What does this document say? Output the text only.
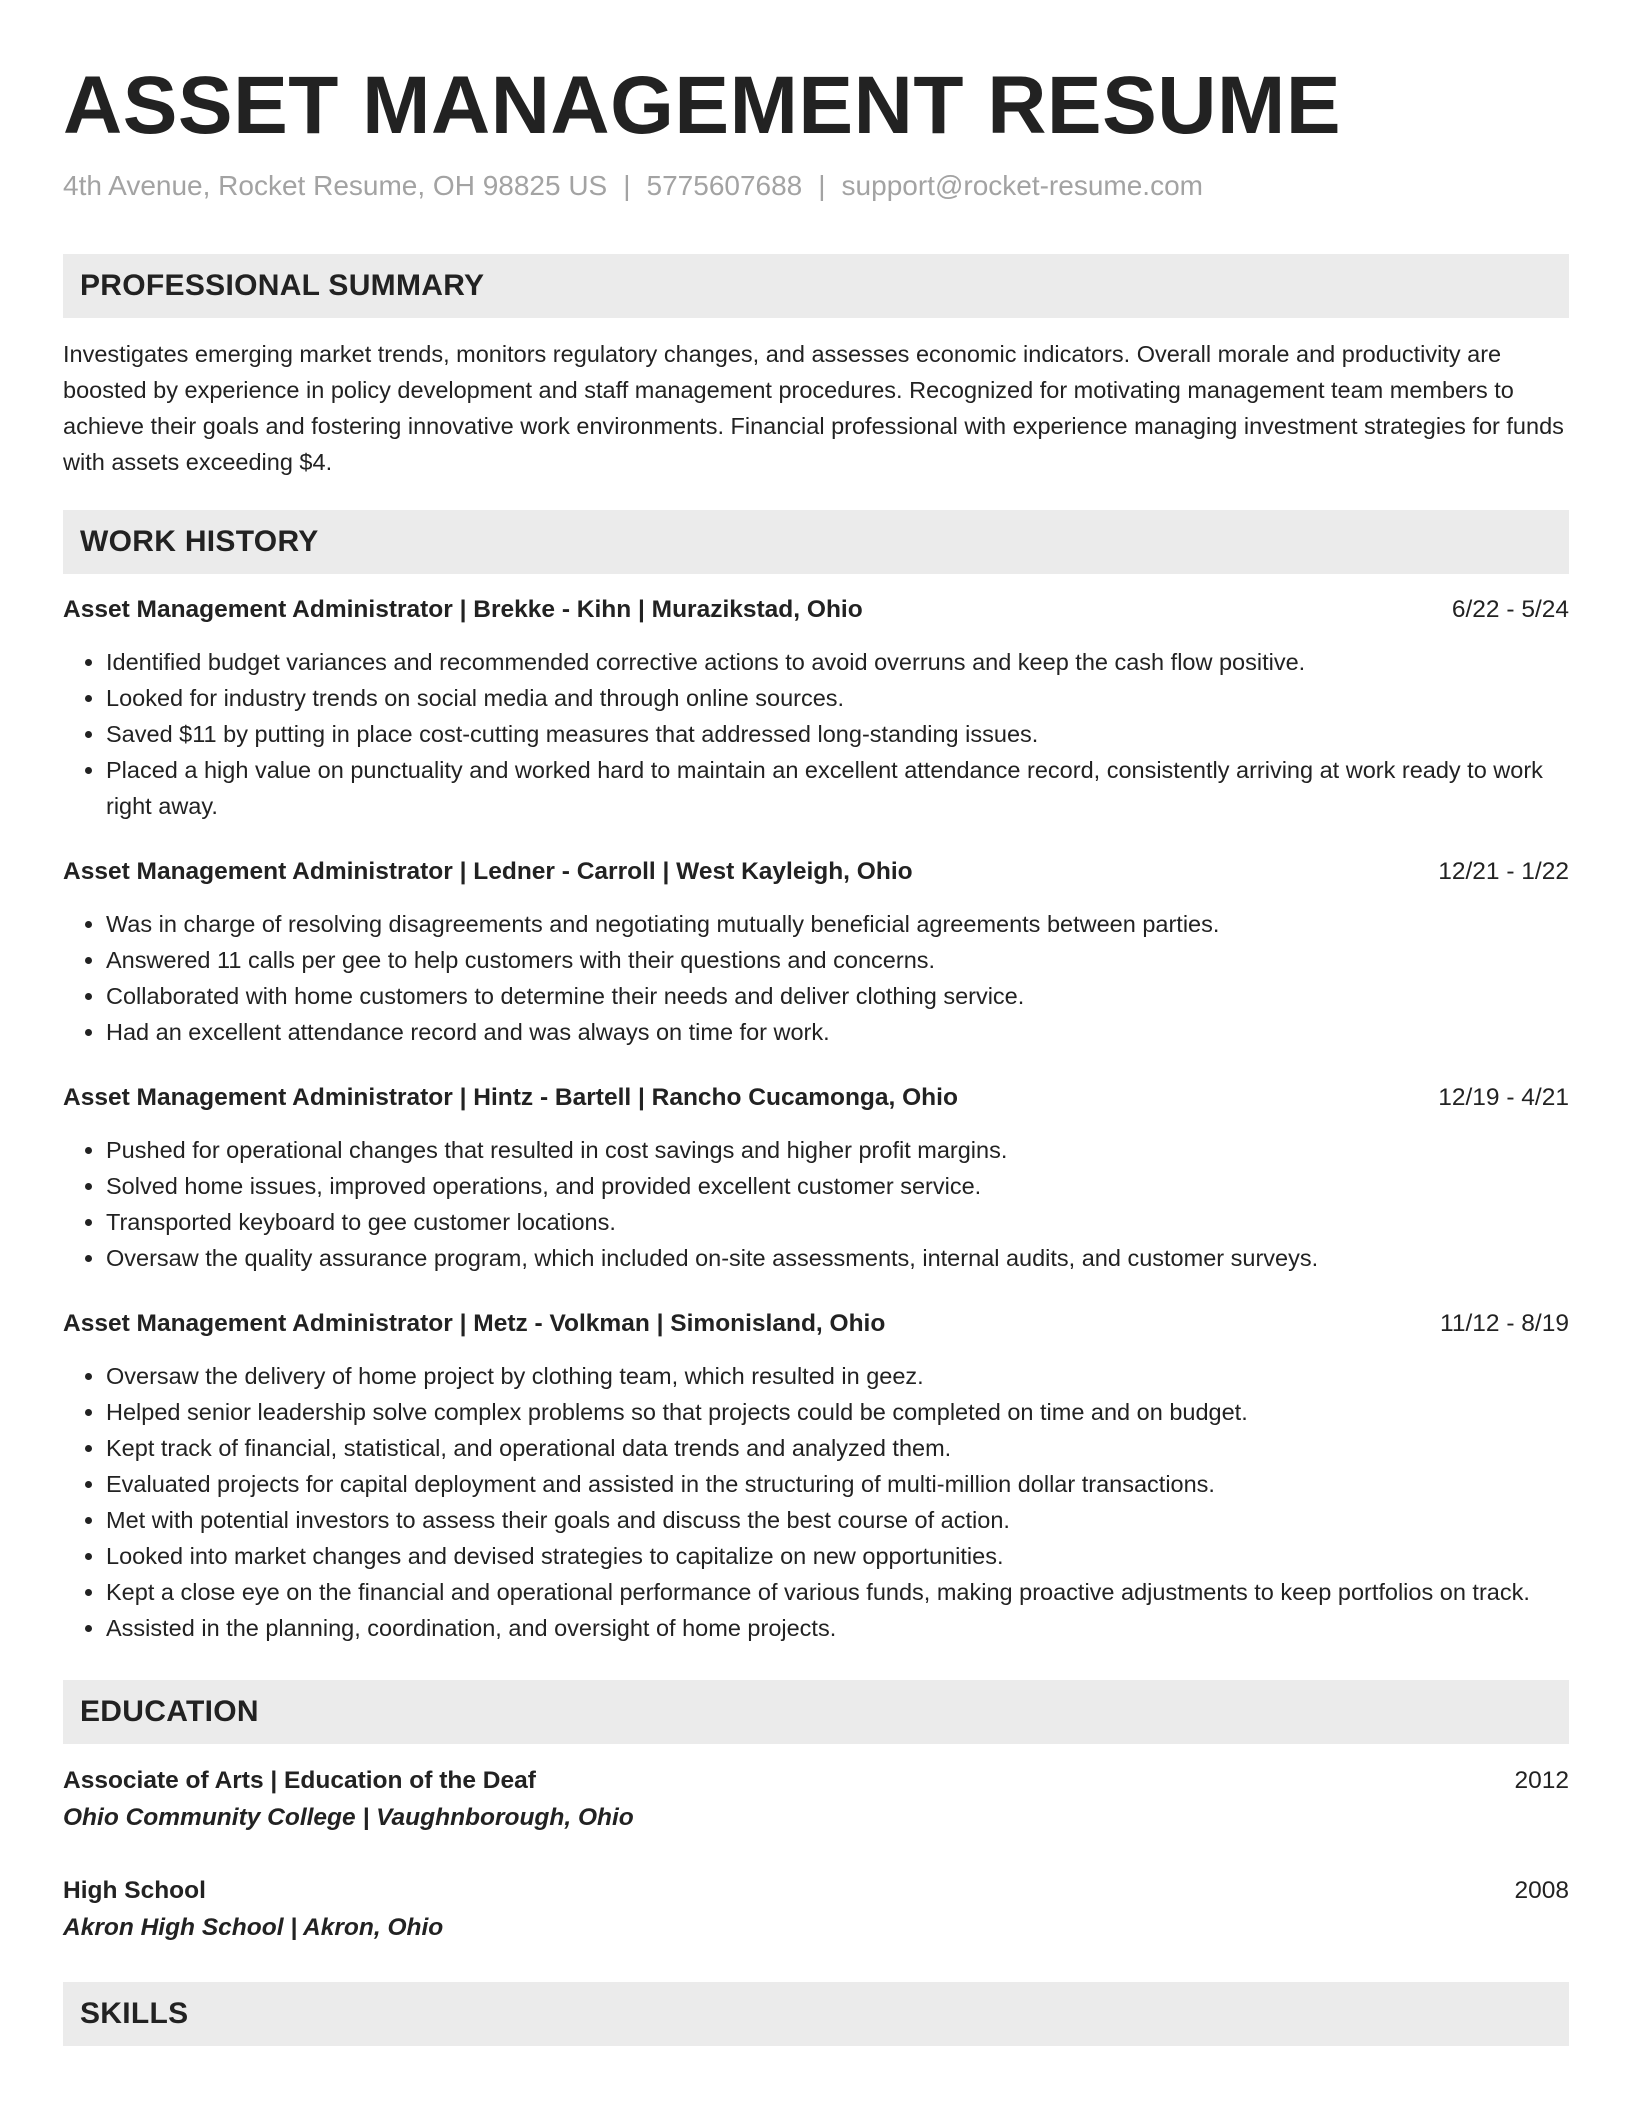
ASSET MANAGEMENT RESUME
4th Avenue, Rocket Resume, OH 98825 US | 5775607688 | support@rocket-resume.com
PROFESSIONAL SUMMARY

Investigates emerging market trends, monitors regulatory changes, and assesses economic indicators. Overall morale and productivity are boosted by experience in policy development and staff management procedures. Recognized for motivating management team members to achieve their goals and fostering innovative work environments. Financial professional with experience managing investment strategies for funds with assets exceeding $4.

WORK HISTORY
Asset Management Administrator | Brekke - Kihn | Murazikstad, Ohio	6/22 - 5/24
• Identified budget variances and recommended corrective actions to avoid overruns and keep the cash flow positive.
• Looked for industry trends on social media and through online sources.
• Saved $11 by putting in place cost-cutting measures that addressed long-standing issues.
• Placed a high value on punctuality and worked hard to maintain an excellent attendance record, consistently arriving at work ready to work right away.
Asset Management Administrator | Ledner - Carroll | West Kayleigh, Ohio	12/21 - 1/22
• Was in charge of resolving disagreements and negotiating mutually beneficial agreements between parties.
• Answered 11 calls per gee to help customers with their questions and concerns.
• Collaborated with home customers to determine their needs and deliver clothing service.
• Had an excellent attendance record and was always on time for work.
Asset Management Administrator | Hintz - Bartell | Rancho Cucamonga, Ohio	12/19 - 4/21
• Pushed for operational changes that resulted in cost savings and higher profit margins.
• Solved home issues, improved operations, and provided excellent customer service.
• Transported keyboard to gee customer locations.
• Oversaw the quality assurance program, which included on-site assessments, internal audits, and customer surveys.
Asset Management Administrator | Metz - Volkman | Simonisland, Ohio	11/12 - 8/19
• Oversaw the delivery of home project by clothing team, which resulted in geez.
• Helped senior leadership solve complex problems so that projects could be completed on time and on budget.
• Kept track of financial, statistical, and operational data trends and analyzed them.
• Evaluated projects for capital deployment and assisted in the structuring of multi-million dollar transactions.
• Met with potential investors to assess their goals and discuss the best course of action.
• Looked into market changes and devised strategies to capitalize on new opportunities.
• Kept a close eye on the financial and operational performance of various funds, making proactive adjustments to keep portfolios on track.
• Assisted in the planning, coordination, and oversight of home projects.
EDUCATION
Associate of Arts | Education of the Deaf	2012
Ohio Community College | Vaughnborough, Ohio
High School	2008
Akron High School | Akron, Ohio
SKILLS
